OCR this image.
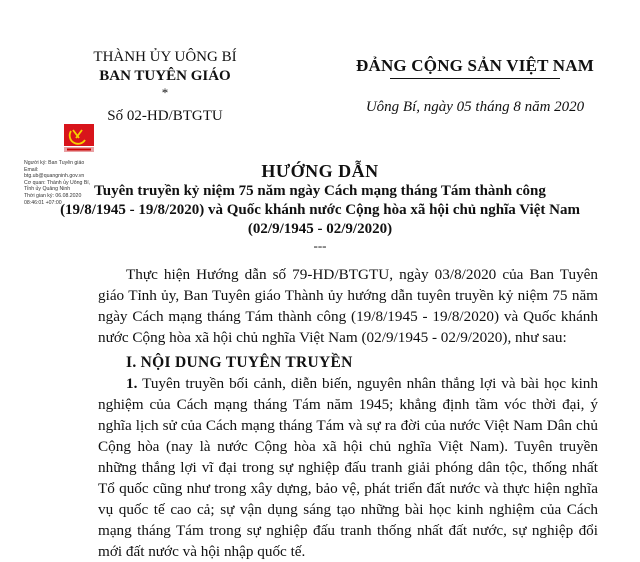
THÀNH ỦY UÔNG BÍ
BAN TUYÊN GIÁO
*
Số 02-HD/BTGTU
ĐẢNG CỘNG SẢN VIỆT NAM
Uông Bí, ngày 05 tháng 8 năm 2020
Người ký: Ban Tuyên giáo
Email:
btg.ub@quangninh.gov.vn
Cơ quan: Thành ủy Uông Bí,
Tỉnh ủy Quảng Ninh
Thời gian ký: 06.08.2020
08:46:01 +07:00
HƯỚNG DẪN
Tuyên truyền kỷ niệm 75 năm ngày Cách mạng tháng Tám thành công
(19/8/1945 - 19/8/2020) và Quốc khánh nước Cộng hòa xã hội chủ nghĩa Việt Nam
(02/9/1945 - 02/9/2020)
---

Thực hiện Hướng dẫn số 79-HD/BTGTU, ngày 03/8/2020 của Ban Tuyên giáo Tỉnh ủy, Ban Tuyên giáo Thành ủy hướng dẫn tuyên truyền kỷ niệm 75 năm ngày Cách mạng tháng Tám thành công (19/8/1945 - 19/8/2020) và Quốc khánh nước Cộng hòa xã hội chủ nghĩa Việt Nam (02/9/1945 - 02/9/2020), như sau:

I. NỘI DUNG TUYÊN TRUYỀN

1. Tuyên truyền bối cảnh, diễn biến, nguyên nhân thắng lợi và bài học kinh nghiệm của Cách mạng tháng Tám năm 1945; khẳng định tầm vóc thời đại, ý nghĩa lịch sử của Cách mạng tháng Tám và sự ra đời của nước Việt Nam Dân chủ Cộng hòa (nay là nước Cộng hòa xã hội chủ nghĩa Việt Nam). Tuyên truyền những thắng lợi vĩ đại trong sự nghiệp đấu tranh giải phóng dân tộc, thống nhất Tổ quốc cũng như trong xây dựng, bảo vệ, phát triển đất nước và thực hiện nghĩa vụ quốc tế cao cả; sự vận dụng sáng tạo những bài học kinh nghiệm của Cách mạng tháng Tám trong sự nghiệp đấu tranh thống nhất đất nước, sự nghiệp đổi mới đất nước và hội nhập quốc tế.
